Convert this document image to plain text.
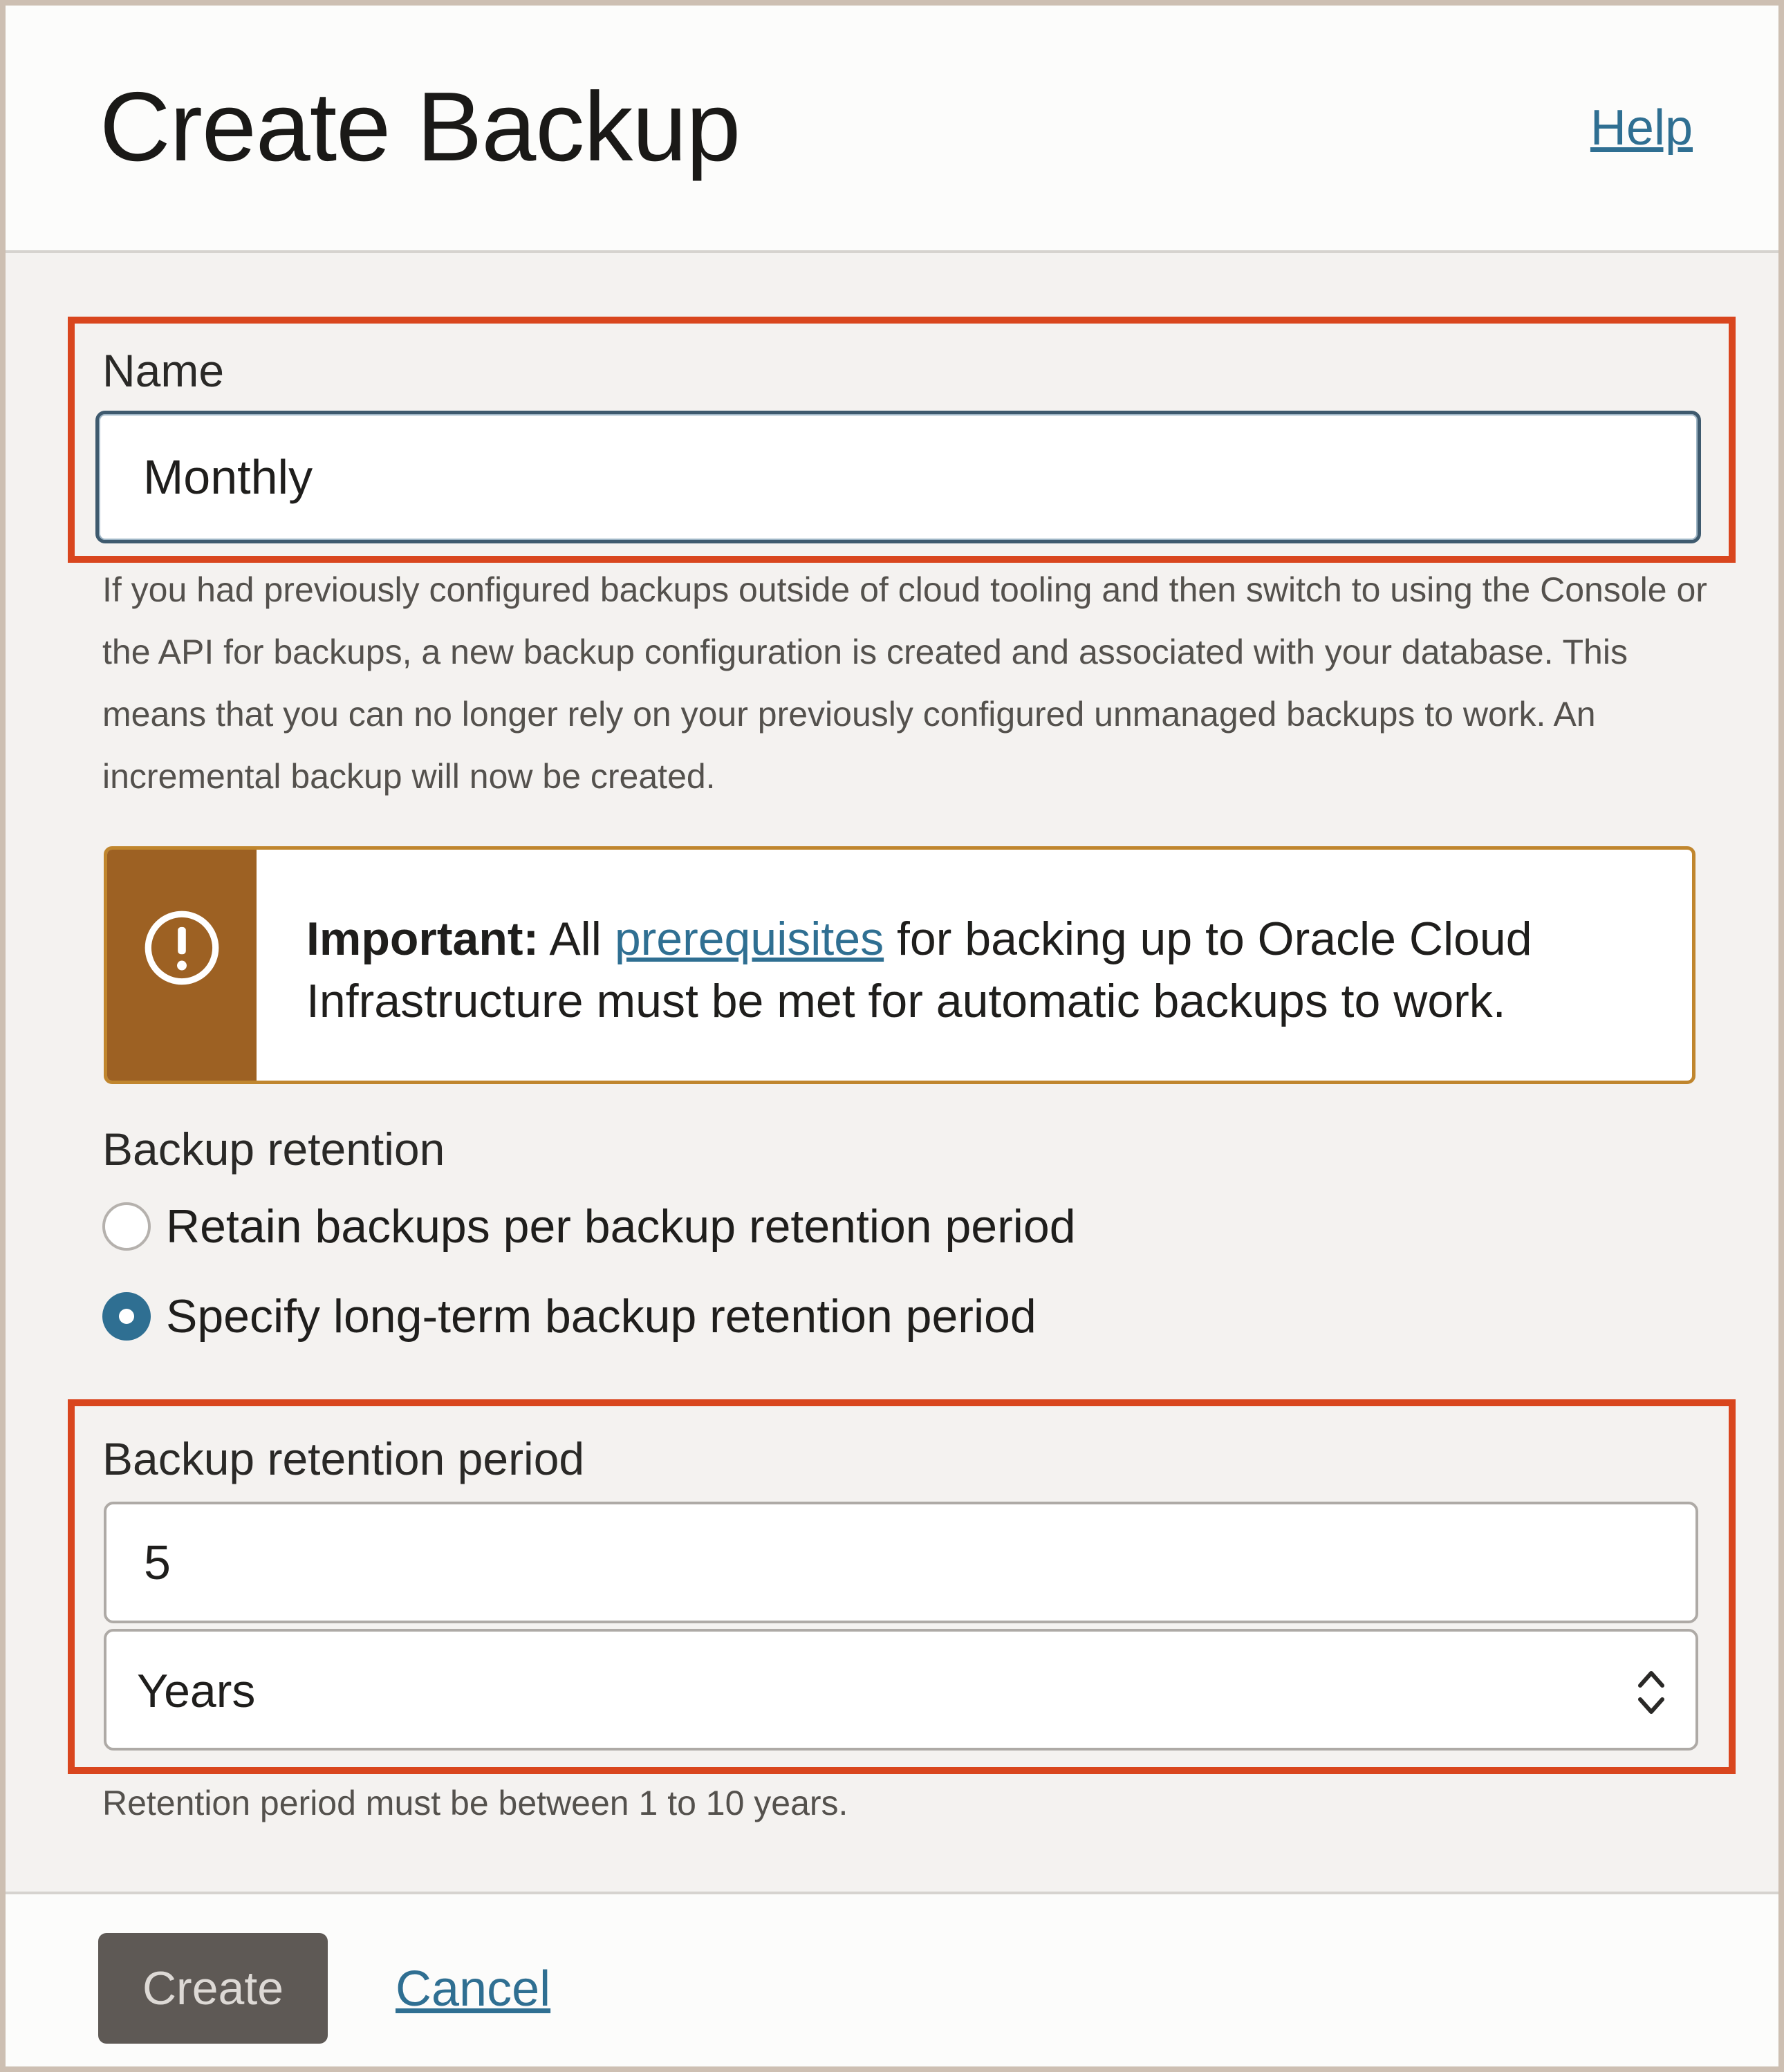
Create Backup	Help
Name
Monthly
If you had previously configured backups outside of cloud tooling and then switch to using the Console or the API for backups, a new backup configuration is created and associated with your database. This means that you can no longer rely on your previously configured unmanaged backups to work. An incremental backup will now be created.
Important: All prerequisites for backing up to Oracle Cloud Infrastructure must be met for automatic backups to work.
Backup retention
Retain backups per backup retention period
Specify long-term backup retention period
Backup retention period
5
Years
Retention period must be between 1 to 10 years.
Create	Cancel
